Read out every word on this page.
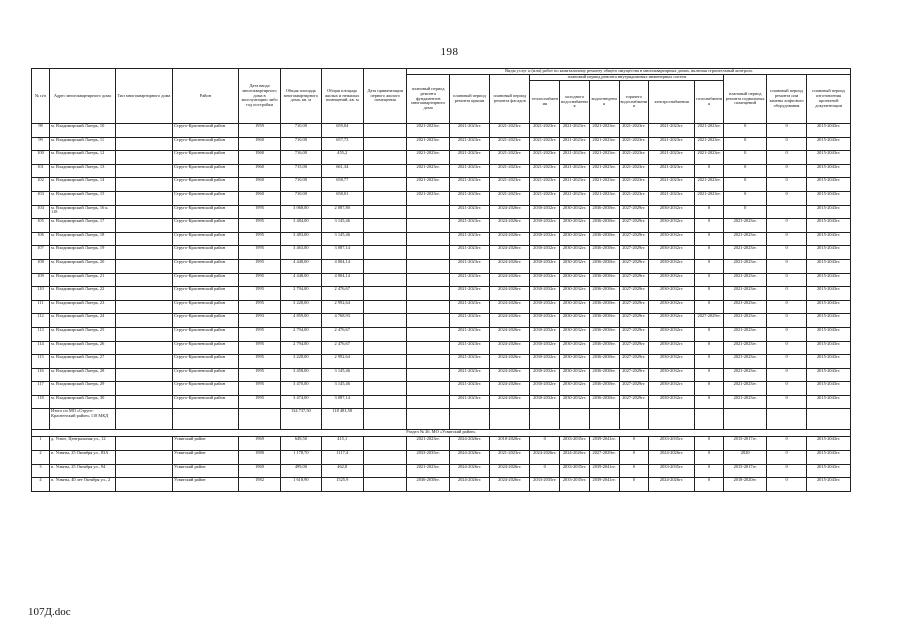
198
№ п/п	Адрес многоквартирного дома	Тип многоквартирного дома	Район	Дата ввода многоквартирного дома в эксплуатацию либо год постройки	Общая площадь многоквартирного дома, кв. м	Общая площадь жилых и нежилых помещений, кв. м	Дата приватизации первого жилого помещения	Виды услуг и (или) работ по капитальному ремонту общего имущества в многоквартирных домах, включая строительный контроль											
								плановый период ремонта фундаментов многоквартирного дома	плановый период ремонта крыши	плановый период ремонта фасадов	плановый период ремонта внутридомовых инженерных систем						плановый период ремонта подвальных помещений	плановый период ремонта или замены лифтового оборудования	плановый период изготовления проектной документации
											теплоснабжения	холодного водоснабжения	водоотведения	горячего водоснабжения	электроснабжения	газоснабжения			
98	м. Владимирский Лагерь, 10		Струго-Красненский район	1959	710,00	659,04		2021-2023гг.	2021-2023гг.	2021-2023гг.	2021-2023гг.	2021-2023гг.	2021-2023гг.	2021-2023гг.	2021-2023гг.	2021-2023гг.	0	0	2015-2043гг.
99	м. Владимирский Лагерь, 11		Струго-Красненский район	1960	710,00	657,73		2021-2023гг.	2021-2023гг.	2021-2023гг.	2021-2023гг.	2021-2023гг.	2021-2023гг.	2021-2023гг.	2021-2023гг.	2021-2023гг.	0	0	2015-2043гг.
100	м. Владимирский Лагерь, 12		Струго-Красненский район	1960	716,00	455,2		2021-2023гг.	2021-2023гг.	2021-2023гг.	2021-2023гг.	2021-2023гг.	2021-2023гг.	2021-2023гг.	2021-2023гг.	2021-2023гг.	0	0	2015-2043гг.
101	м. Владимирский Лагерь, 13		Струго-Красненский район	1960	715,00	661,34		2021-2023гг.	2021-2023гг.	2021-2023гг.	2021-2023гг.	2021-2023гг.	2021-2023гг.	2021-2023гг.	2021-2023гг.	0	0	0	2015-2043гг.
102	м. Владимирский Лагерь, 14		Струго-Красненский район	1960	710,00	658,77		2021-2023гг.	2021-2023гг.	2021-2023гг.	2021-2023гг.	2021-2023гг.	2021-2023гг.	2021-2023гг.	2021-2023гг.	2021-2023гг.	0	0	2015-2043гг.
103	м. Владимирский Лагерь, 15		Струго-Красненский район	1960	710,00	658,01		2021-2023гг.	2021-2023гг.	2021-2023гг.	2021-2023гг.	2021-2023гг.	2021-2023гг.	2021-2023гг.	2021-2023гг.	2021-2023гг.	0	0	2015-2043гг.
104	м. Владимирский Лагерь, 16 к. 118		Струго-Красненский район	1995	3 068,00	2 087,80			2021-2023гг.	2024-2026гг.	2030-2032гг.	2030-2032гг.	2036-2038гг.	2027-2029гг.	2030-2032гг.	0	0		2015-2043гг.
105	м. Владимирский Лагерь, 17		Струго-Красненский район	1995	3 484,00	3 145,46			2021-2023гг.	2024-2026гг.	2030-2032гг.	2030-2032гг.	2036-2038гг.	2027-2029гг.	2030-2032гг.	0	2021-2023гг.	0	2015-2043гг.
106	м. Владимирский Лагерь, 18		Струго-Красненский район	1995	3 483,00	3 145,46			2021-2023гг.	2024-2026гг.	2030-2032гг.	2030-2032гг.	2036-2038гг.	2027-2029гг.	2030-2032гг.	0	2021-2023гг.	0	2015-2043гг.
107	м. Владимирский Лагерь, 19		Струго-Красненский район	1995	3 463,00	3 087,14			2021-2023гг.	2024-2026гг.	2030-2032гг.	2030-2032гг.	2036-2038гг.	2027-2029гг.	2030-2032гг.	0	2021-2023гг.	0	2015-2043гг.
108	м. Владимирский Лагерь, 20		Струго-Красненский район	1995	4 448,00	4 004,14			2021-2023гг.	2024-2026гг.	2030-2032гг.	2030-2032гг.	2036-2038гг.	2027-2029гг.	2030-2032гг.	0	2021-2023гг.	0	2015-2043гг.
109	м. Владимирский Лагерь, 21		Струго-Красненский район	1995	4 448,00	4 004,14			2021-2023гг.	2024-2026гг.	2030-2032гг.	2030-2032гг.	2036-2038гг.	2027-2029гг.	2030-2032гг.	0	2021-2023гг.	0	2015-2043гг.
110	м. Владимирский Лагерь, 22		Струго-Красненский район	1995	2 794,00	2 476,67			2021-2023гг.	2024-2026гг.	2030-2032гг.	2030-2032гг.	2036-2038гг.	2027-2029гг.	2030-2032гг.	0	2021-2023гг.	0	2015-2043гг.
111	м. Владимирский Лагерь, 23		Струго-Красненский район	1995	3 228,00	2 992,64			2021-2023гг.	2024-2026гг.	2030-2032гг.	2030-2032гг.	2036-2038гг.	2027-2029гг.	2030-2032гг.	0	2021-2023гг.	0	2015-2043гг.
112	м. Владимирский Лагерь, 24		Струго-Красненский район	1993	4 859,00	4 768,93			2021-2023гг.	2024-2026гг.	2030-2032гг.	2030-2032гг.	2036-2038гг.	2027-2029гг.	2030-2032гг.	2027-2029гг.	2021-2023гг.	0	2015-2043гг.
113	м. Владимирский Лагерь, 25		Струго-Красненский район	1995	2 794,00	2 476,67			2021-2023гг.	2024-2026гг.	2030-2032гг.	2030-2032гг.	2036-2038гг.	2027-2029гг.	2030-2032гг.	0	2021-2023гг.	0	2015-2043гг.
114	м. Владимирский Лагерь, 26		Струго-Красненский район	1995	2 794,00	2 476,67			2021-2023гг.	2024-2026гг.	2030-2032гг.	2030-2032гг.	2036-2038гг.	2027-2029гг.	2030-2032гг.	0	2021-2023гг.	0	2015-2043гг.
115	м. Владимирский Лагерь, 27		Струго-Красненский район	1995	3 228,00	2 992,64			2021-2023гг.	2024-2026гг.	2030-2032гг.	2030-2032гг.	2036-2038гг.	2027-2029гг.	2030-2032гг.	0	2021-2023гг.	0	2015-2043гг.
116	м. Владимирский Лагерь, 28		Струго-Красненский район	1995	3 458,00	3 145,46			2021-2023гг.	2024-2026гг.	2030-2032гг.	2030-2032гг.	2036-2038гг.	2027-2029гг.	2030-2032гг.	0	2021-2023гг.	0	2015-2043гг.
117	м. Владимирский Лагерь, 29		Струго-Красненский район	1995	3 470,00	3 145,46			2021-2023гг.	2024-2026гг.	2030-2032гг.	2030-2032гг.	2036-2038гг.	2027-2029гг.	2030-2032гг.	0	2021-2023гг.	0	2015-2043гг.
118	м. Владимирский Лагерь, 30		Струго-Красненский район	1995	3 474,00	3 087,14			2021-2023гг.	2024-2026гг.	2030-2032гг.	2030-2032гг.	2036-2038гг.	2027-2029гг.	2030-2032гг.	0	2021-2023гг.	0	2015-2043гг.
	Итого по МО «Струго-Красненский район» 118 МКД				134 737,50	118 481,58													
Раздел № 26. МО «Усвятский район»																			
1	д. Усвое, Центральная ул., 12		Усвятский район	1969	649,50	415,1		2021-2023гг.	2024-2026гг.	2018-2020гг.	0	2033-2035гг.	2039-2041гг.	0	2033-2035гг.	0	2015-2017гг.	0	2015-2043гг.
2	п. Усвяты, 25 Октября ул., 83А		Усвятский район	1980	1 178,70	1117,4		2033-2035гг.	2024-2026гг.	2021-2023гг.	2024-2026гг.	2024-2026гг.	2027-2029гг.	0	2024-2026гг.	0	2020	0	2015-2043гг.
3	п. Усвяты, 25 Октября ул., 94		Усвятский район	1969	499,00	462,8		2021-2023гг.	2024-2026гг.	2024-2026гг.	0	2033-2035гг.	2039-2041гг.	0	2033-2035гг.	0	2015-2017гг.	0	2015-2043гг.
4	п. Усвяты, 40 лет Октября ул., 2		Усвятский район	1982	1 618,90	1525,9		2036-2038гг.	2024-2026гг.	2024-2026гг.	2033-2035гг.	2033-2035гг.	2039-2041гг.	0	2024-2026гг.	0	2018-2020гг.	0	2015-2043гг.
107Д.doc
